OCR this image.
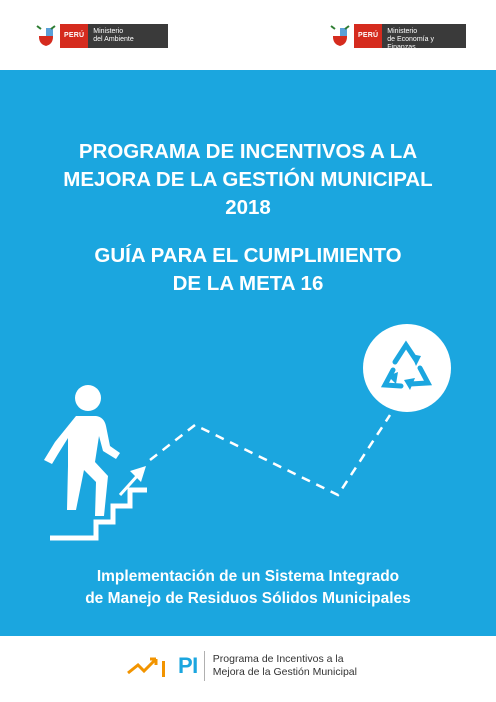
PERÚ
Ministerio
del Ambiente
PERÚ
Ministerio
de Economía y Finanzas
PROGRAMA DE INCENTIVOS A LA
MEJORA DE LA GESTIÓN MUNICIPAL
2018
GUÍA PARA EL CUMPLIMIENTO
DE LA META 16
Implementación de un Sistema Integrado
de Manejo de Residuos Sólidos Municipales
PI Programa de Incentivos a la
Mejora de la Gestión Municipal
